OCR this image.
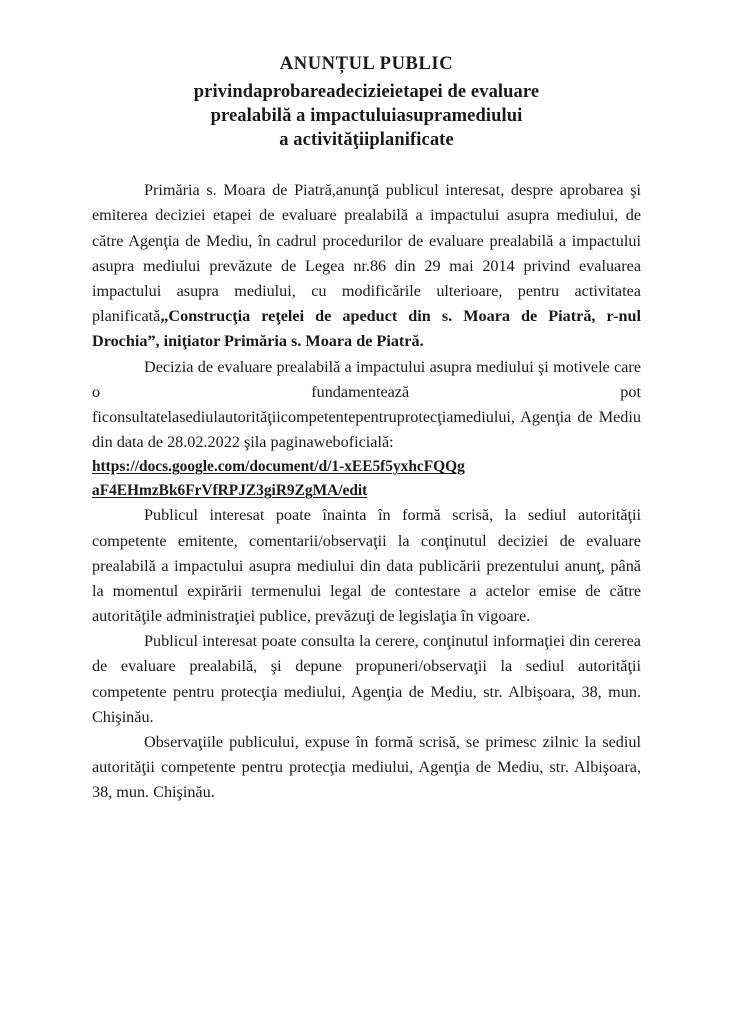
ANUNȚUL PUBLIC
privindaprobareadecizieietapei de evaluare
prealabilă a impactuluiasupramediului
a activităţiiplanificate

Primăria s. Moara de Piatră,anunţă publicul interesat, despre aprobarea şi emiterea deciziei etapei de evaluare prealabilă a impactului asupra mediului, de către Agenţia de Mediu, în cadrul procedurilor de evaluare prealabilă a impactului asupra mediului prevăzute de Legea nr.86 din 29 mai 2014 privind evaluarea impactului asupra mediului, cu modificările ulterioare, pentru activitatea planificată„Construcţia reţelei de apeduct din s. Moara de Piatră, r-nul Drochia”, iniţiator Primăria s. Moara de Piatră.

Decizia de evaluare prealabilă a impactului asupra mediului şi motivele care o fundamentează pot ficonsultatelasediulautorităţiicompetentepentruprotecţiamediului, Agenţia de Mediu din data de 28.02.2022 şila paginaweboficială:

https://docs.google.com/document/d/1-xEE5f5yxhcFQQg
aF4EHmzBk6FrVfRPJZ3giR9ZgMA/edit

Publicul interesat poate înainta în formă scrisă, la sediul autorităţii competente emitente, comentarii/observaţii la conţinutul deciziei de evaluare prealabilă a impactului asupra mediului din data publicării prezentului anunţ, până la momentul expirării termenului legal de contestare a actelor emise de către autorităţile administraţiei publice, prevăzuţi de legislaţia în vigoare.

Publicul interesat poate consulta la cerere, conţinutul informaţiei din cererea de evaluare prealabilă, şi depune propuneri/observaţii la sediul autorităţii competente pentru protecţia mediului, Agenţia de Mediu, str. Albişoara, 38, mun. Chişinău.

Observaţiile publicului, expuse în formă scrisă, se primesc zilnic la sediul autorităţii competente pentru protecţia mediului, Agenţia de Mediu, str. Albişoara, 38, mun. Chişinău.
